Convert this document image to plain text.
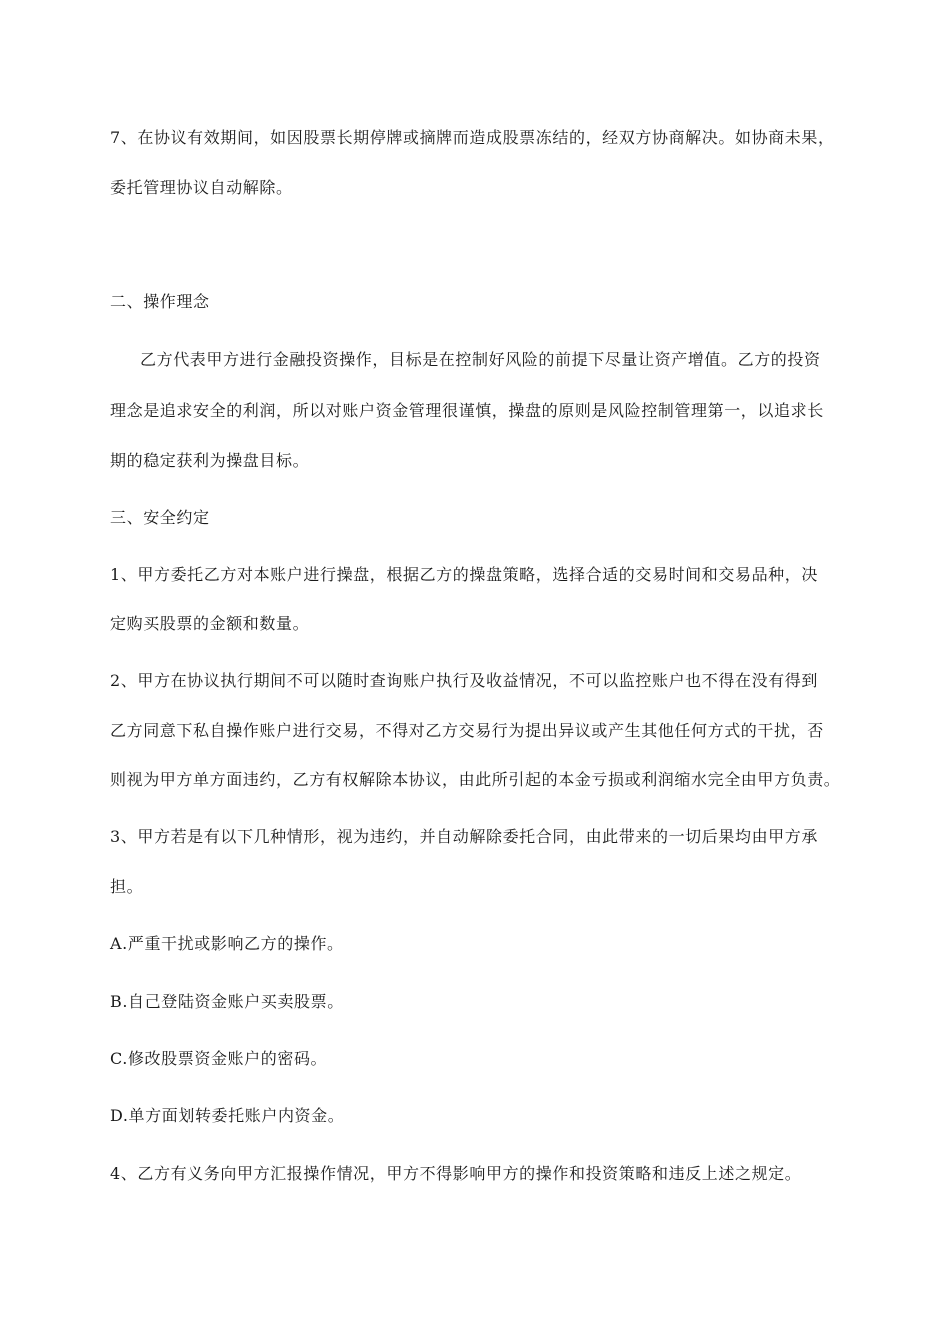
7、在协议有效期间，如因股票长期停牌或摘牌而造成股票冻结的，经双方协商解决。如协商未果，
委托管理协议自动解除。
二、操作理念
乙方代表甲方进行金融投资操作，目标是在控制好风险的前提下尽量让资产增值。乙方的投资
理念是追求安全的利润，所以对账户资金管理很谨慎，操盘的原则是风险控制管理第一，以追求长
期的稳定获利为操盘目标。
三、安全约定
1、甲方委托乙方对本账户进行操盘，根据乙方的操盘策略，选择合适的交易时间和交易品种，决
定购买股票的金额和数量。
2、甲方在协议执行期间不可以随时查询账户执行及收益情况，不可以监控账户也不得在没有得到
乙方同意下私自操作账户进行交易，不得对乙方交易行为提出异议或产生其他任何方式的干扰，否
则视为甲方单方面违约，乙方有权解除本协议，由此所引起的本金亏损或利润缩水完全由甲方负责。
3、甲方若是有以下几种情形，视为违约，并自动解除委托合同，由此带来的一切后果均由甲方承
担。
A.严重干扰或影响乙方的操作。
B.自己登陆资金账户买卖股票。
C.修改股票资金账户的密码。
D.单方面划转委托账户内资金。
4、乙方有义务向甲方汇报操作情况，甲方不得影响甲方的操作和投资策略和违反上述之规定。
